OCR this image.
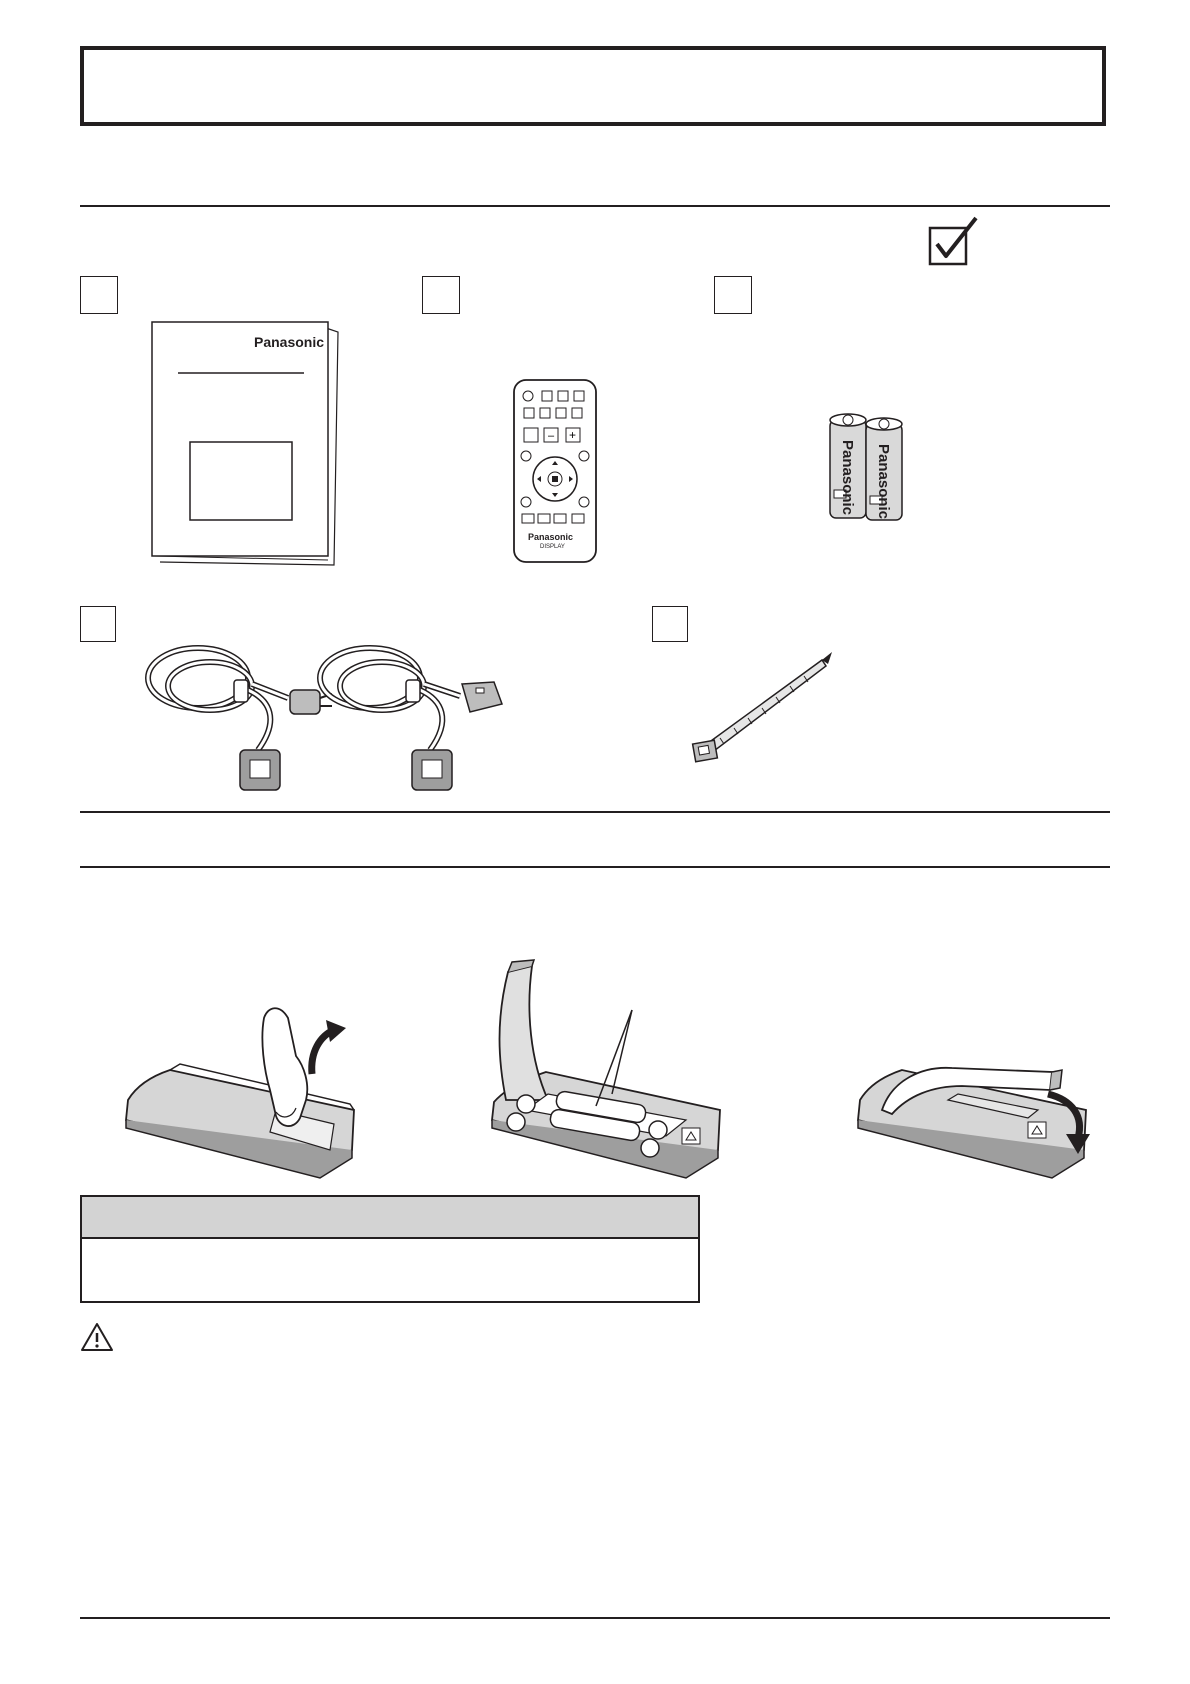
Panasonic
– +
Panasonic
DISPLAY
Panasonic Panasonic
